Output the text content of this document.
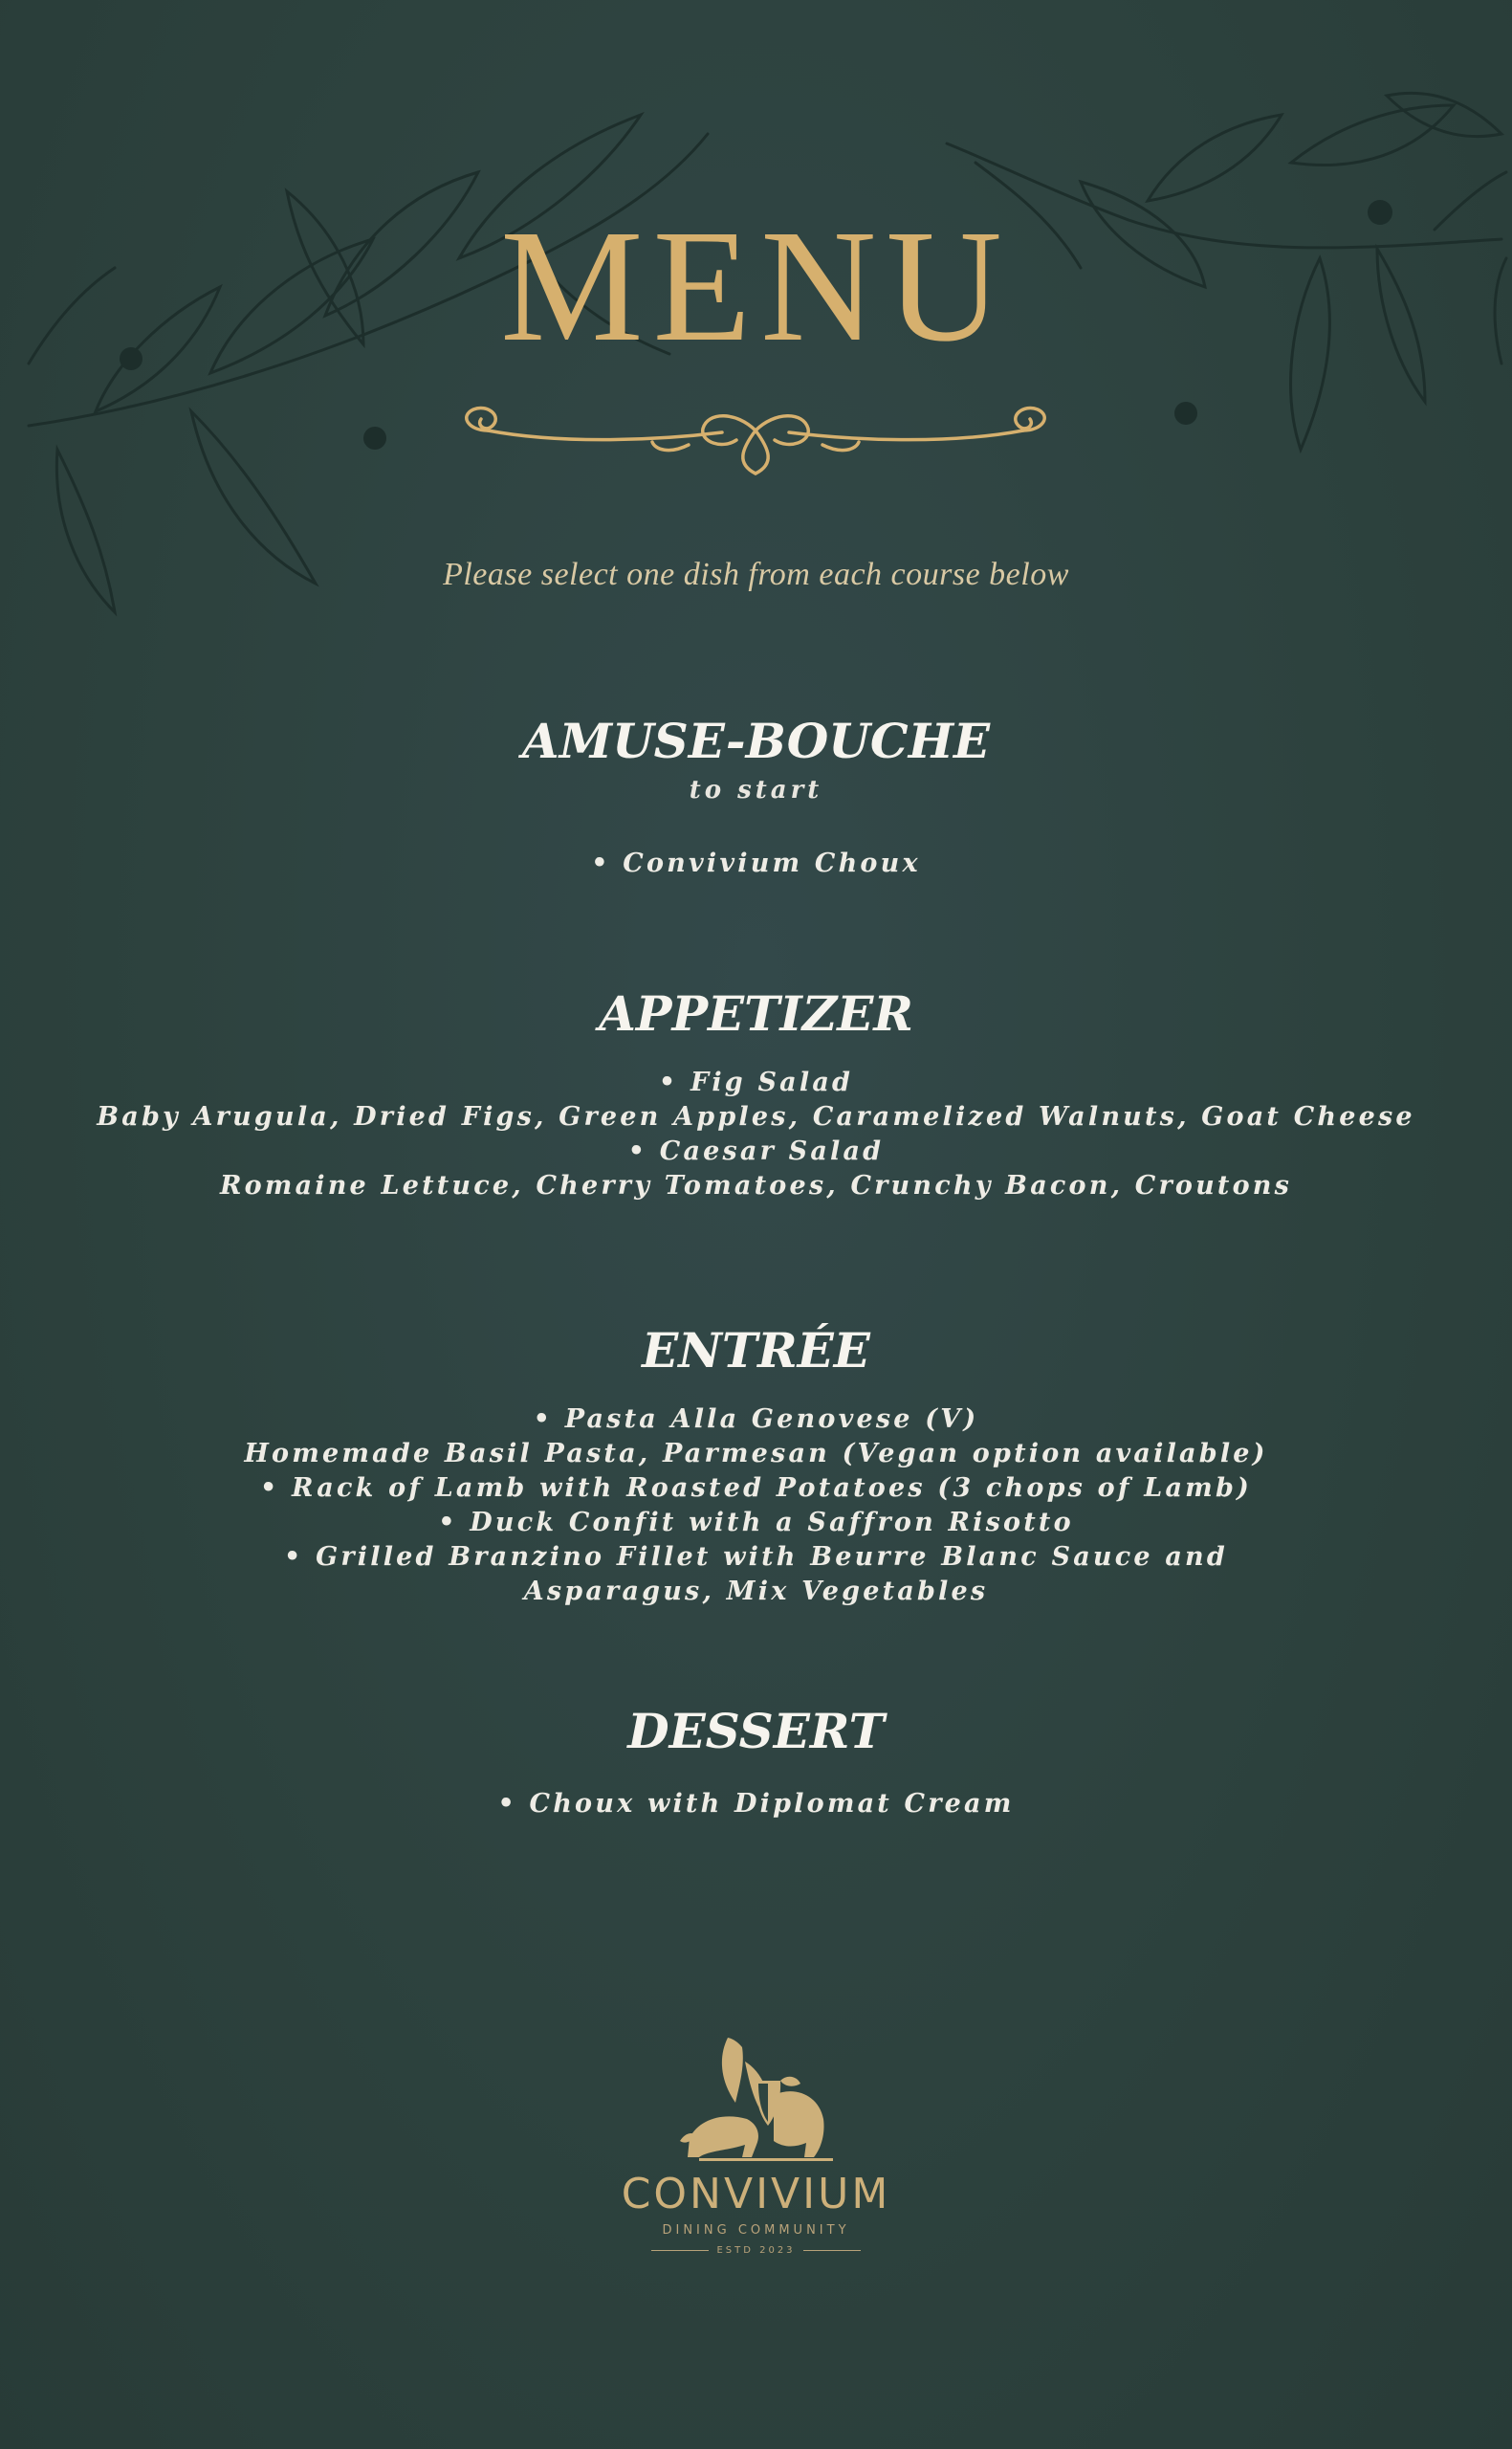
MENU
Please select one dish from each course below
AMUSE-BOUCHE
to start
• Convivium Choux
APPETIZER
• Fig Salad
Baby Arugula, Dried Figs, Green Apples, Caramelized Walnuts, Goat Cheese
• Caesar Salad
Romaine Lettuce, Cherry Tomatoes, Crunchy Bacon, Croutons
ENTRÉE
• Pasta Alla Genovese (V)
Homemade Basil Pasta, Parmesan (Vegan option available)
• Rack of Lamb with Roasted Potatoes (3 chops of Lamb)
• Duck Confit with a Saffron Risotto
• Grilled Branzino Fillet with Beurre Blanc Sauce and
Asparagus, Mix Vegetables
DESSERT
• Choux with Diplomat Cream
CONVIVIUM
DINING COMMUNITY
ESTD 2023
